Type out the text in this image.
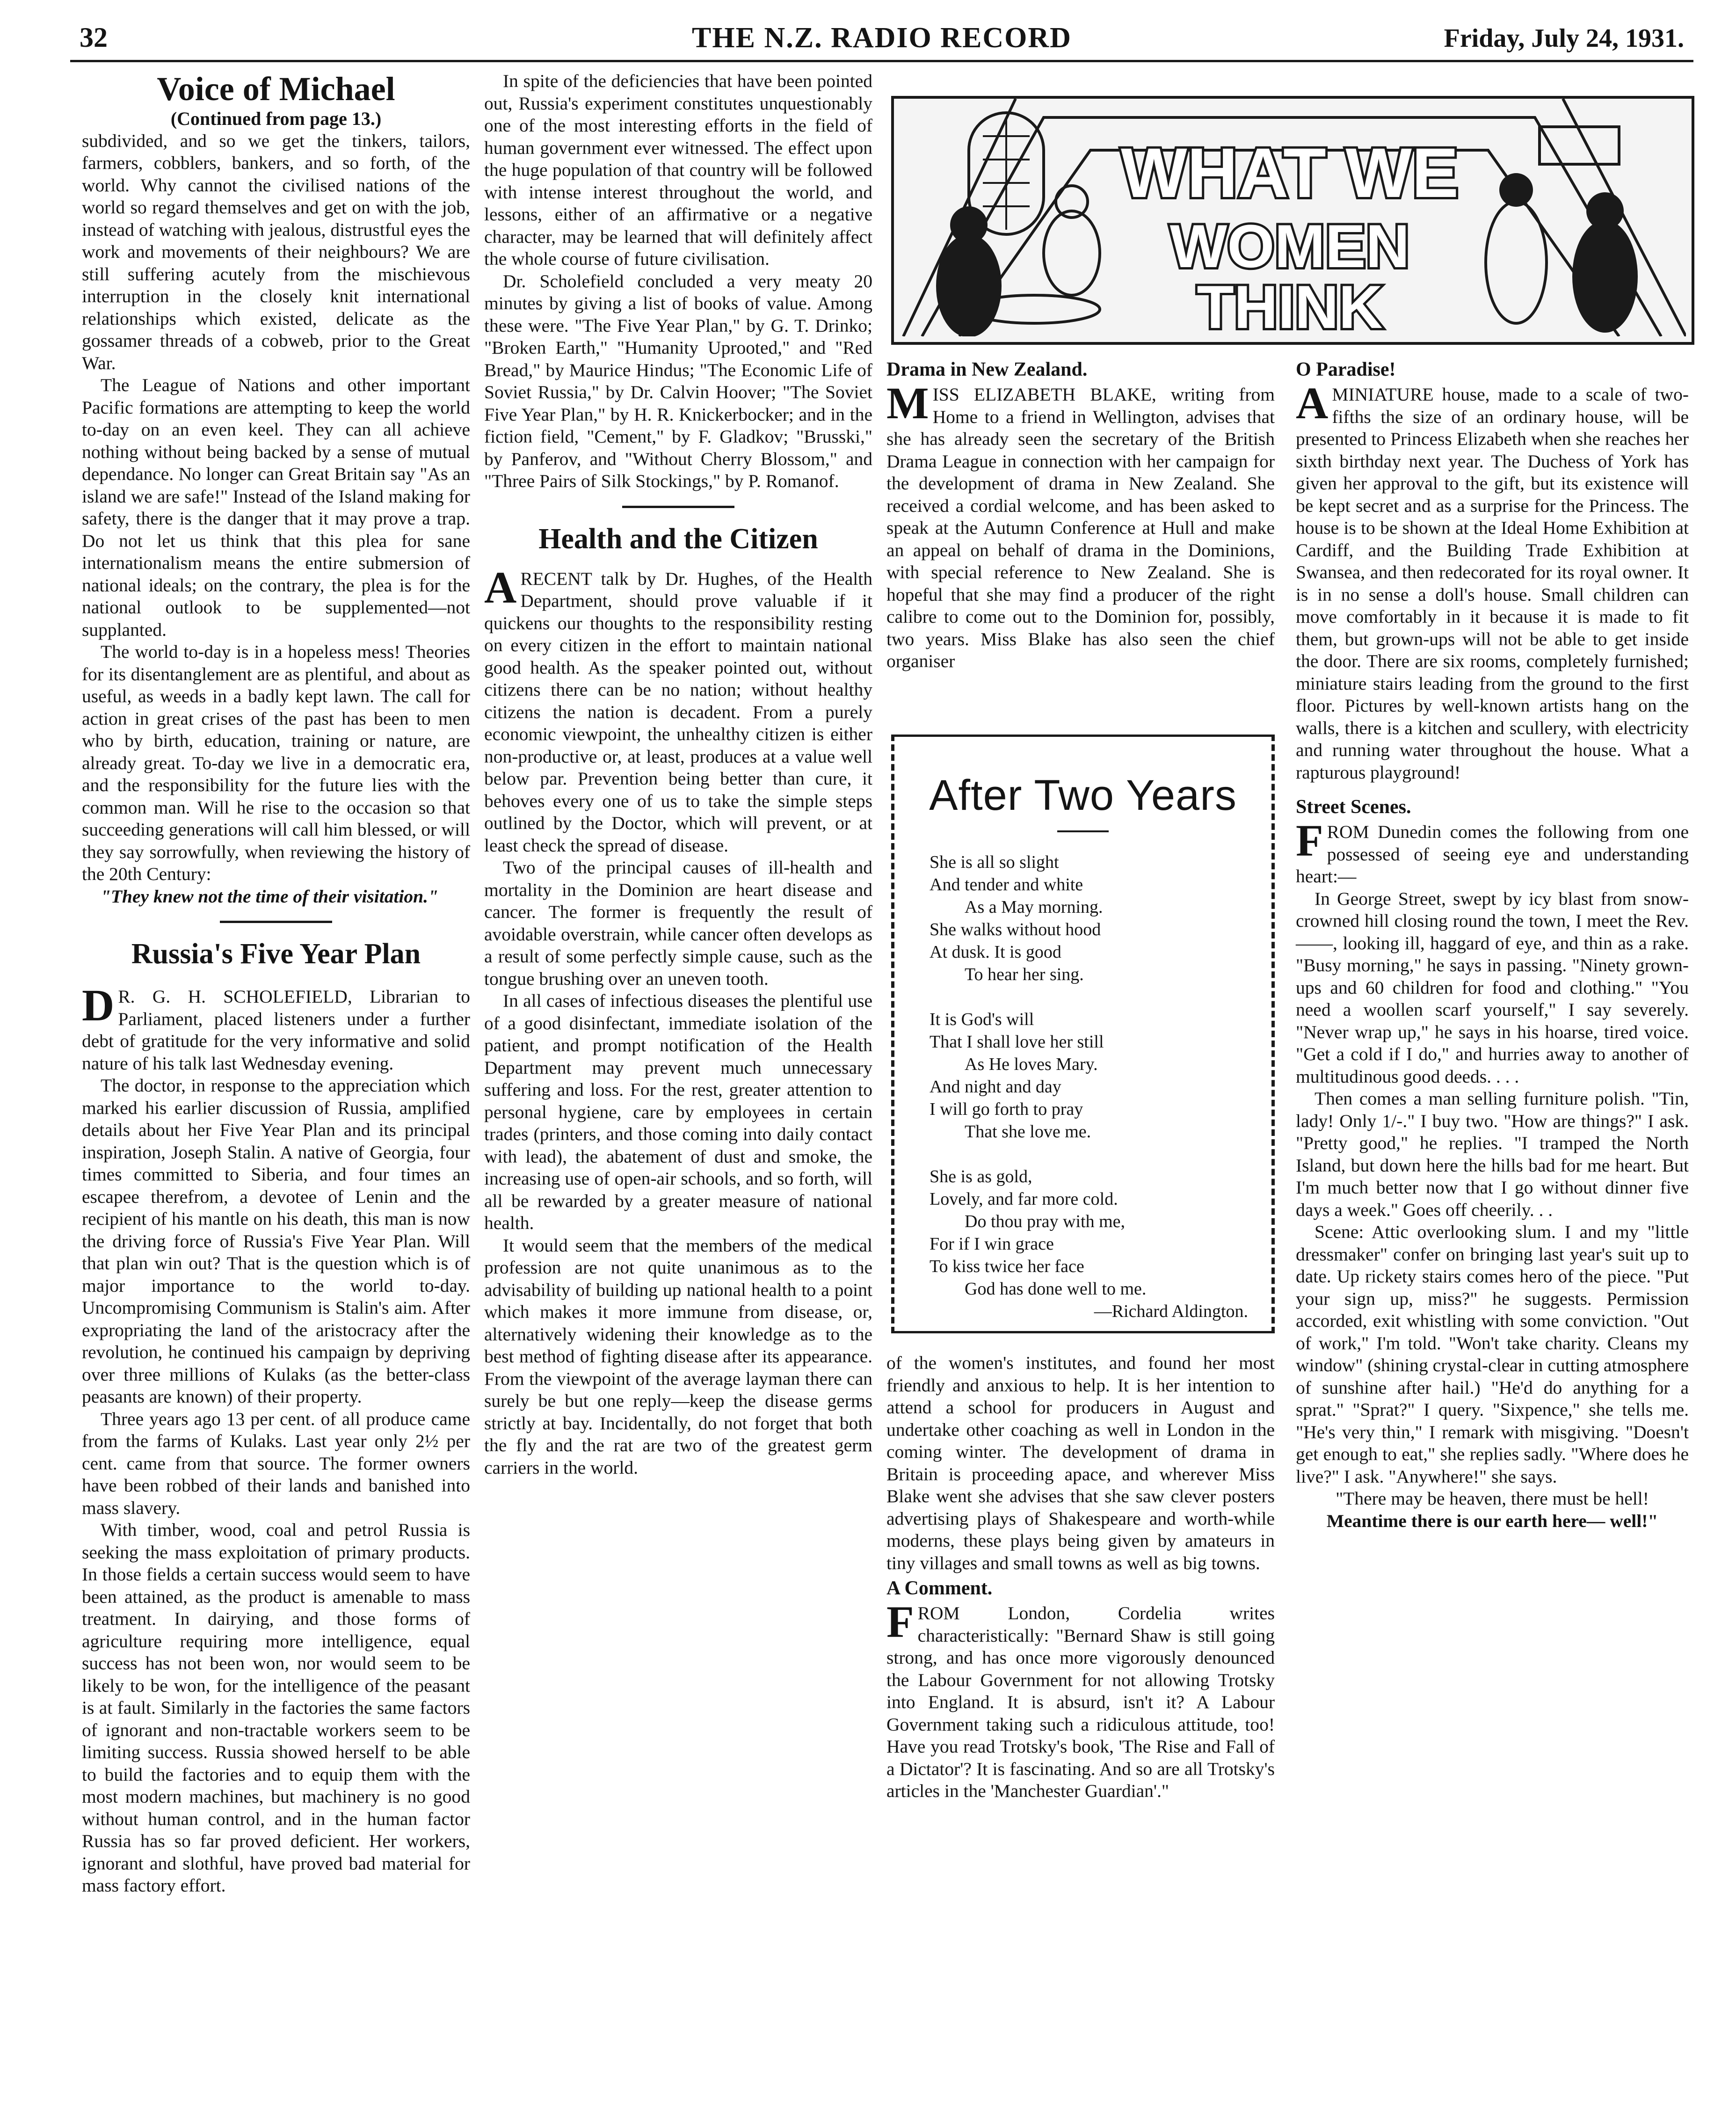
32	THE N.Z. RADIO RECORD	Friday, July 24, 1931.
Voice of Michael

(Continued from page 13.)

subdivided, and so we get the tinkers, tailors, farmers, cobblers, bankers, and so forth, of the world. Why cannot the civilised nations of the world so regard themselves and get on with the job, instead of watching with jealous, distrustful eyes the work and movements of their neighbours? We are still suffering acutely from the mischievous interruption in the closely knit international relationships which existed, delicate as the gossamer threads of a cobweb, prior to the Great War.

The League of Nations and other important Pacific formations are attempting to keep the world to-day on an even keel. They can all achieve nothing without being backed by a sense of mutual dependance. No longer can Great Britain say "As an island we are safe!" Instead of the Island making for safety, there is the danger that it may prove a trap. Do not let us think that this plea for sane internationalism means the entire submersion of national ideals; on the contrary, the plea is for the national outlook to be supplemented—not supplanted.

The world to-day is in a hopeless mess! Theories for its disentanglement are as plentiful, and about as useful, as weeds in a badly kept lawn. The call for action in great crises of the past has been to men who by birth, education, training or nature, are already great. To-day we live in a democratic era, and the responsibility for the future lies with the common man. Will he rise to the occasion so that succeeding generations will call him blessed, or will they say sorrowfully, when reviewing the history of the 20th Century:

"They knew not the time of their visitation."

Russia's Five Year Plan

D R. G. H. SCHOLEFIELD, Librarian to Parliament, placed listeners under a further debt of gratitude for the very informative and solid nature of his talk last Wednesday evening.

The doctor, in response to the appreciation which marked his earlier discussion of Russia, amplified details about her Five Year Plan and its principal inspiration, Joseph Stalin. A native of Georgia, four times committed to Siberia, and four times an escapee therefrom, a devotee of Lenin and the recipient of his mantle on his death, this man is now the driving force of Russia's Five Year Plan. Will that plan win out? That is the question which is of major importance to the world to-day. Uncompromising Communism is Stalin's aim. After expropriating the land of the aristocracy after the revolution, he continued his campaign by depriving over three millions of Kulaks (as the better-class peasants are known) of their property.

Three years ago 13 per cent. of all produce came from the farms of Kulaks. Last year only 2½ per cent. came from that source. The former owners have been robbed of their lands and banished into mass slavery.

With timber, wood, coal and petrol Russia is seeking the mass exploitation of primary products. In those fields a certain success would seem to have been attained, as the product is amenable to mass treatment. In dairying, and those forms of agriculture requiring more intelligence, equal success has not been won, nor would seem to be likely to be won, for the intelligence of the peasant is at fault. Similarly in the factories the same factors of ignorant and non-tractable workers seem to be limiting success. Russia showed herself to be able to build the factories and to equip them with the most modern machines, but machinery is no good without human control, and in the human factor Russia has so far proved deficient. Her workers, ignorant and slothful, have proved bad material for mass factory effort.

In spite of the deficiencies that have been pointed out, Russia's experiment constitutes unquestionably one of the most interesting efforts in the field of human government ever witnessed. The effect upon the huge population of that country will be followed with intense interest throughout the world, and lessons, either of an affirmative or a negative character, may be learned that will definitely affect the whole course of future civilisation.

Dr. Scholefield concluded a very meaty 20 minutes by giving a list of books of value. Among these were. "The Five Year Plan," by G. T. Drinko; "Broken Earth," "Humanity Uprooted," and "Red Bread," by Maurice Hindus; "The Economic Life of Soviet Russia," by Dr. Calvin Hoover; "The Soviet Five Year Plan," by H. R. Knickerbocker; and in the fiction field, "Cement," by F. Gladkov; "Brusski," by Panferov, and "Without Cherry Blossom," and "Three Pairs of Silk Stockings," by P. Romanof.

Health and the Citizen

ARECENT talk by Dr. Hughes, of the Health Department, should prove valuable if it quickens our thoughts to the responsibility resting on every citizen in the effort to maintain national good health. As the speaker pointed out, without citizens there can be no nation; without healthy citizens the nation is decadent. From a purely economic viewpoint, the unhealthy citizen is either non-productive or, at least, produces at a value well below par. Prevention being better than cure, it behoves every one of us to take the simple steps outlined by the Doctor, which will prevent, or at least check the spread of disease.

Two of the principal causes of ill-health and mortality in the Dominion are heart disease and cancer. The former is frequently the result of avoidable overstrain, while cancer often develops as a result of some perfectly simple cause, such as the tongue brushing over an uneven tooth.

In all cases of infectious diseases the plentiful use of a good disinfectant, immediate isolation of the patient, and prompt notification of the Health Department may prevent much unnecessary suffering and loss. For the rest, greater attention to personal hygiene, care by employees in certain trades (printers, and those coming into daily contact with lead), the abatement of dust and smoke, the increasing use of open-air schools, and so forth, will all be rewarded by a greater measure of national health.

It would seem that the members of the medical profession are not quite unanimous as to the advisability of building up national health to a point which makes it more immune from disease, or, alternatively widening their knowledge as to the best method of fighting disease after its appearance. From the viewpoint of the average layman there can surely be but one reply—keep the disease germs strictly at bay. Incidentally, do not forget that both the fly and the rat are two of the greatest germ carriers in the world.

WHAT WE
WOMEN
THINK

Drama in New Zealand.

MISS ELIZABETH BLAKE, writing from Home to a friend in Wellington, advises that she has already seen the secretary of the British Drama League in connection with her campaign for the development of drama in New Zealand. She received a cordial welcome, and has been asked to speak at the Autumn Conference at Hull and make an appeal on behalf of drama in the Dominions, with special reference to New Zealand. She is hopeful that she may find a producer of the right calibre to come out to the Dominion for, possibly, two years. Miss Blake has also seen the chief organiser

After Two Years
She is all so slight
And tender and white
As a May morning.
She walks without hood
At dusk. It is good
To hear her sing.
It is God's will
That I shall love her still
As He loves Mary.
And night and day
I will go forth to pray
That she love me.
She is as gold,
Lovely, and far more cold.
Do thou pray with me,
For if I win grace
To kiss twice her face
God has done well to me.
—Richard Aldington.

of the women's institutes, and found her most friendly and anxious to help. It is her intention to attend a school for producers in August and undertake other coaching as well in London in the coming winter. The development of drama in Britain is proceeding apace, and wherever Miss Blake went she advises that she saw clever posters advertising plays of Shakespeare and worth-while moderns, these plays being given by amateurs in tiny villages and small towns as well as big towns.

A Comment.

FROM London, Cordelia writes characteristically: "Bernard Shaw is still going strong, and has once more vigorously denounced the Labour Government for not allowing Trotsky into England. It is absurd, isn't it? A Labour Government taking such a ridiculous attitude, too! Have you read Trotsky's book, 'The Rise and Fall of a Dictator'? It is fascinating. And so are all Trotsky's articles in the 'Manchester Guardian'."

O Paradise!

AMINIATURE house, made to a scale of two-fifths the size of an ordinary house, will be presented to Princess Elizabeth when she reaches her sixth birthday next year. The Duchess of York has given her approval to the gift, but its existence will be kept secret and as a surprise for the Princess. The house is to be shown at the Ideal Home Exhibition at Cardiff, and the Building Trade Exhibition at Swansea, and then redecorated for its royal owner. It is in no sense a doll's house. Small children can move comfortably in it because it is made to fit them, but grown-ups will not be able to get inside the door. There are six rooms, completely furnished; miniature stairs leading from the ground to the first floor. Pictures by well-known artists hang on the walls, there is a kitchen and scullery, with electricity and running water throughout the house. What a rapturous playground!

Street Scenes.

FROM Dunedin comes the following from one possessed of seeing eye and understanding heart:—

In George Street, swept by icy blast from snow-crowned hill closing round the town, I meet the Rev. ——, looking ill, haggard of eye, and thin as a rake. "Busy morning," he says in passing. "Ninety grown-ups and 60 children for food and clothing." "You need a woollen scarf yourself," I say severely. "Never wrap up," he says in his hoarse, tired voice. "Get a cold if I do," and hurries away to another of multitudinous good deeds. . . .

Then comes a man selling furniture polish. "Tin, lady! Only 1/-." I buy two. "How are things?" I ask. "Pretty good," he replies. "I tramped the North Island, but down here the hills bad for me heart. But I'm much better now that I go without dinner five days a week." Goes off cheerily. . .

Scene: Attic overlooking slum. I and my "little dressmaker" confer on bringing last year's suit up to date. Up rickety stairs comes hero of the piece. "Put your sign up, miss?" he suggests. Permission accorded, exit whistling with some conviction. "Out of work," I'm told. "Won't take charity. Cleans my window" (shining crystal-clear in cutting atmosphere of sunshine after hail.) "He'd do anything for a sprat." "Sprat?" I query. "Sixpence," she tells me. "He's very thin," I remark with misgiving. "Doesn't get enough to eat," she replies sadly. "Where does he live?" I ask. "Anywhere!" she says.

"There may be heaven, there must be hell!

Meantime there is our earth here— well!"
